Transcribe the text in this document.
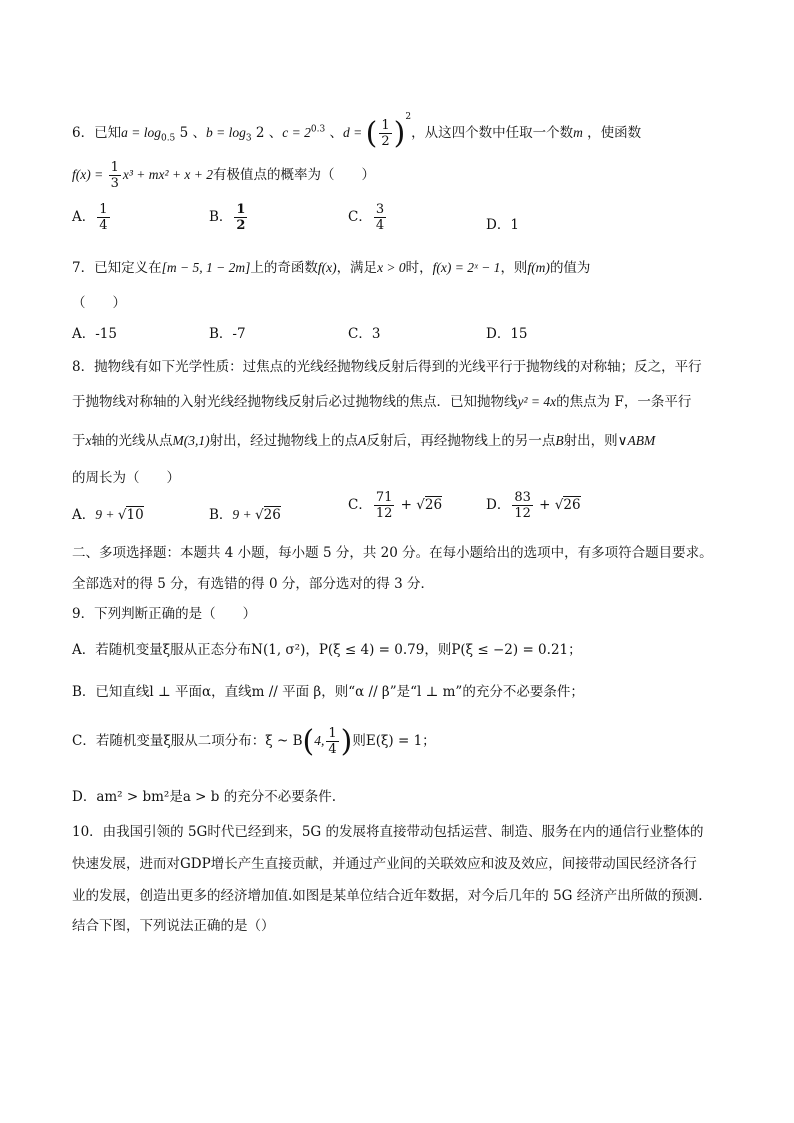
6．已知$a = \log_{0.5} 5$ 、$b = \log_3 2$ 、$c = 2^{0.3}$ 、d = ( $\frac{1}{2} )^2$，从这四个数中任取一个数m ，使函数
$f(x) = \frac{1}{3} x^3 + mx^2 + x + 2$有极值点的概率为（　　）
A． $\frac{1}{4}$	B． $\frac{1}{2}$	C． $\frac{3}{4}$	D．1
7．已知定义在[m − 5, 1 − 2m]上的奇函数f(x)，满足x > 0时，f(x) = 2ˣ − 1，则f(m)的值为
（　　）
A．-15	B．-7	C．3	D．15
8．抛物线有如下光学性质：过焦点的光线经抛物线反射后得到的光线平行于抛物线的对称轴；反之，平行
于抛物线对称轴的入射光线经抛物线反射后必过抛物线的焦点．已知抛物线y² = 4x的焦点为 F，一条平行
于x轴的光线从点M(3,1)射出，经过抛物线上的点A反射后，再经抛物线上的另一点B射出，则∨ABM
的周长为（　　）
A．9 + √10	B．9 + √26
C． $\frac{71}{12} + √26$	D． $\frac{83}{12} + √26$
二、多项选择题：本题共 4 小题，每小题 5 分，共 20 分。在每小题给出的选项中，有多项符合题目要求。
全部选对的得 5 分，有选错的得 0 分，部分选对的得 3 分．
9．下列判断正确的是（　　）
A．若随机变量ξ服从正态分布N(1, σ²)，P(ξ ≤ 4) = 0.79，则P(ξ ≤ −2) = 0.21；
B．已知直线l ⊥ 平面α，直线m // 平面 β，则“α // β”是“l ⊥ m”的充分不必要条件；
C．若随机变量ξ服从二项分布：ξ ~ B(4, $\frac{1}{4}$ )则E(ξ) = 1；
D．am² > bm²是a > b 的充分不必要条件.
10．由我国引领的 5G时代已经到来，5G 的发展将直接带动包括运营、制造、服务在内的通信行业整体的
快速发展，进而对GDP增长产生直接贡献，并通过产业间的关联效应和波及效应，间接带动国民经济各行
业的发展，创造出更多的经济增加值.如图是某单位结合近年数据，对今后几年的 5G 经济产出所做的预测.
结合下图，下列说法正确的是（）
